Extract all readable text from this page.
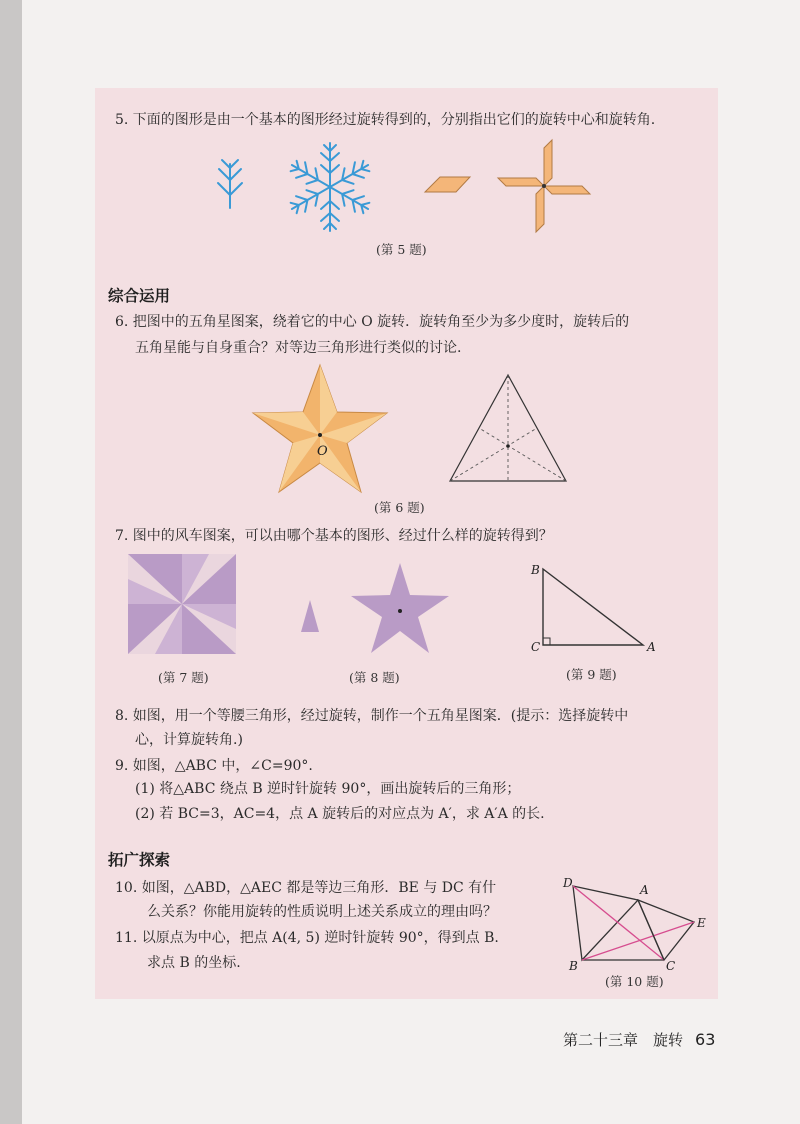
5. 下面的图形是由一个基本的图形经过旋转得到的，分别指出它们的旋转中心和旋转角.
(第 5 题)
综合运用
6. 把图中的五角星图案，绕着它的中心 O 旋转．旋转角至少为多少度时，旋转后的
五角星能与自身重合？对等边三角形进行类似的讨论.
O
(第 6 题)
7. 图中的风车图案，可以由哪个基本的图形、经过什么样的旋转得到？
B
C	A
(第 7 题)	(第 8 题)	(第 9 题)
8. 如图，用一个等腰三角形，经过旋转，制作一个五角星图案．(提示：选择旋转中
心，计算旋转角.)
9. 如图，△ABC 中，∠C=90°.
(1) 将△ABC 绕点 B 逆时针旋转 90°，画出旋转后的三角形；
(2) 若 BC=3，AC=4，点 A 旋转后的对应点为 A′，求 A′A 的长.
拓广探索
10. 如图，△ABD，△AEC 都是等边三角形．BE 与 DC 有什
么关系？你能用旋转的性质说明上述关系成立的理由吗？
11. 以原点为中心，把点 A(4, 5) 逆时针旋转 90°，得到点 B.
求点 B 的坐标.
D	A
E
B	C
(第 10 题)
第二十三章　旋转 63
